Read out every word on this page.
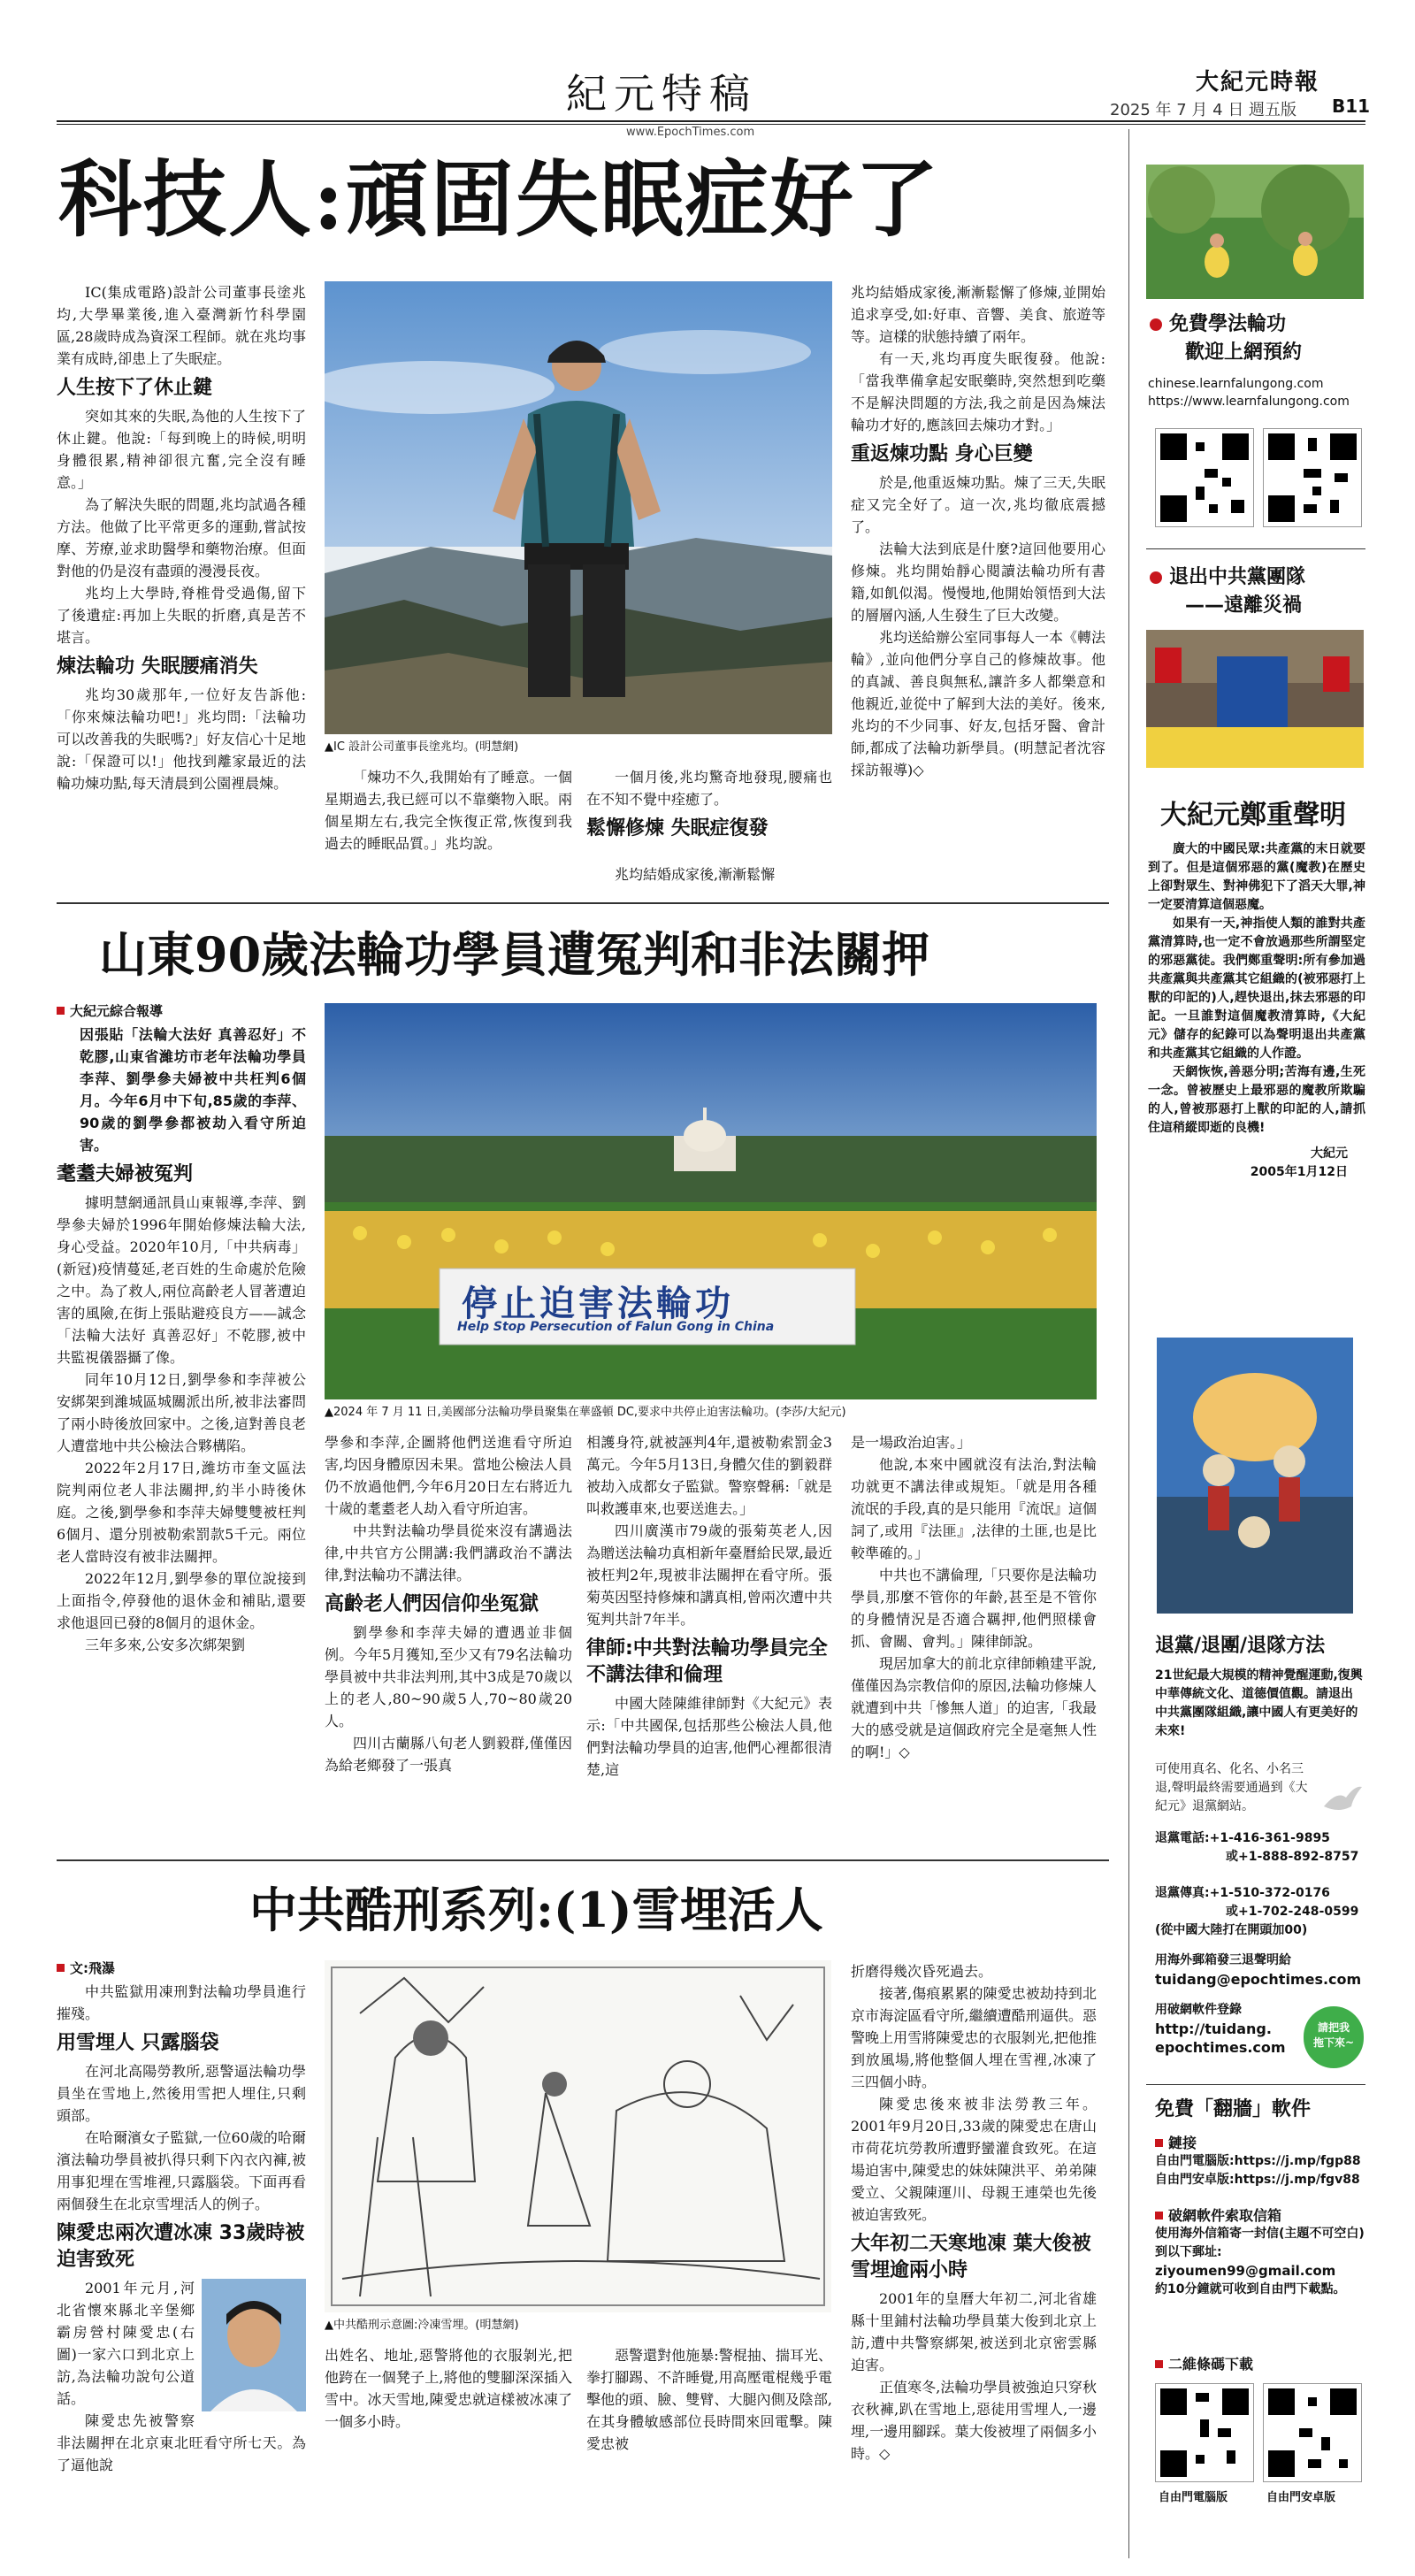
紀元特稿
www.EpochTimes.com
大紀元時報
2025 年 7 月 4 日 週五版 B11
科技人:頑固失眠症好了

IC(集成電路)設計公司董事長塗兆均,大學畢業後,進入臺灣新竹科學園區,28歲時成為資深工程師。就在兆均事業有成時,卻患上了失眠症。

人生按下了休止鍵

突如其來的失眠,為他的人生按下了休止鍵。他說:「每到晚上的時候,明明身體很累,精神卻很亢奮,完全沒有睡意。」

為了解決失眠的問題,兆均試過各種方法。他做了比平常更多的運動,嘗試按摩、芳療,並求助醫學和藥物治療。但面對他的仍是沒有盡頭的漫漫長夜。

兆均上大學時,脊椎骨受過傷,留下了後遺症:再加上失眠的折磨,真是苦不堪言。

煉法輪功 失眠腰痛消失

兆均30歲那年,一位好友告訴他:「你來煉法輪功吧!」兆均問:「法輪功可以改善我的失眠嗎?」好友信心十足地說:「保證可以!」他找到離家最近的法輪功煉功點,每天清晨到公園裡晨煉。

▲IC 設計公司董事長塗兆均。(明慧網)

「煉功不久,我開始有了睡意。一個星期過去,我已經可以不靠藥物入眠。兩個星期左右,我完全恢復正常,恢復到我過去的睡眠品質。」兆均說。

一個月後,兆均驚奇地發現,腰痛也在不知不覺中痊癒了。

鬆懈修煉 失眠症復發

兆均結婚成家後,漸漸鬆懈

兆均結婚成家後,漸漸鬆懈了修煉,並開始追求享受,如:好車、音響、美食、旅遊等等。這樣的狀態持續了兩年。

有一天,兆均再度失眠復發。他說:「當我準備拿起安眠藥時,突然想到吃藥不是解決問題的方法,我之前是因為煉法輪功才好的,應該回去煉功才對。」

重返煉功點 身心巨變

於是,他重返煉功點。煉了三天,失眠症又完全好了。這一次,兆均徹底震撼了。

法輪大法到底是什麼?這回他要用心修煉。兆均開始靜心閱讀法輪功所有書籍,如飢似渴。慢慢地,他開始領悟到大法的層層內涵,人生發生了巨大改變。

兆均送給辦公室同事每人一本《轉法輪》,並向他們分享自己的修煉故事。他的真誠、善良與無私,讓許多人都樂意和他親近,並從中了解到大法的美好。後來,兆均的不少同事、好友,包括牙醫、會計師,都成了法輪功新學員。(明慧記者沈容採訪報導)◇

山東90歲法輪功學員遭冤判和非法關押
大紀元綜合報導

因張貼「法輪大法好 真善忍好」不乾膠,山東省濰坊市老年法輪功學員李萍、劉學參夫婦被中共枉判6個月。今年6月中下旬,85歲的李萍、90歲的劉學參都被劫入看守所迫害。

耄耋夫婦被冤判

據明慧網通訊員山東報導,李萍、劉學參夫婦於1996年開始修煉法輪大法,身心受益。2020年10月,「中共病毒」(新冠)疫情蔓延,老百姓的生命處於危險之中。為了救人,兩位高齡老人冒著遭迫害的風險,在街上張貼避疫良方——誠念「法輪大法好 真善忍好」不乾膠,被中共監視儀器攝了像。

同年10月12日,劉學參和李萍被公安綁架到濰城區城關派出所,被非法審問了兩小時後放回家中。之後,這對善良老人遭當地中共公檢法合夥構陷。

2022年2月17日,濰坊市奎文區法院判兩位老人非法關押,約半小時後休庭。之後,劉學參和李萍夫婦雙雙被枉判6個月、還分別被勒索罰款5千元。兩位老人當時沒有被非法關押。

2022年12月,劉學參的單位說接到上面指令,停發他的退休金和補貼,還要求他退回已發的8個月的退休金。

三年多來,公安多次綁架劉

停止迫害法輪功
Help Stop Persecution of Falun Gong in China
▲2024 年 7 月 11 日,美國部分法輪功學員聚集在華盛頓 DC,要求中共停止迫害法輪功。(李莎/大紀元)

學參和李萍,企圖將他們送進看守所迫害,均因身體原因未果。當地公檢法人員仍不放過他們,今年6月20日左右將近九十歲的耄耋老人劫入看守所迫害。

中共對法輪功學員從來沒有講過法律,中共官方公開講:我們講政治不講法律,對法輪功不講法律。

高齡老人們因信仰坐冤獄

劉學參和李萍夫婦的遭遇並非個例。今年5月獲知,至少又有79名法輪功學員被中共非法判刑,其中3成是70歲以上的老人,80~90歲5人,70~80歲20人。

四川古蘭縣八旬老人劉毅群,僅僅因為給老鄉發了一張真

相護身符,就被誣判4年,還被勒索罰金3萬元。今年5月13日,身體欠佳的劉毅群被劫入成都女子監獄。警察聲稱:「就是叫救護車來,也要送進去。」

四川廣漢市79歲的張菊英老人,因為贈送法輪功真相新年臺曆給民眾,最近被枉判2年,現被非法關押在看守所。張菊英因堅持修煉和講真相,曾兩次遭中共冤判共計7年半。

律師:中共對法輪功學員完全不講法律和倫理

中國大陸陳維律師對《大紀元》表示:「中共國保,包括那些公檢法人員,他們對法輪功學員的迫害,他們心裡都很清楚,這

是一場政治迫害。」

他說,本來中國就沒有法治,對法輪功就更不講法律或規矩。「就是用各種流氓的手段,真的是只能用『流氓』這個詞了,或用『法匪』,法律的土匪,也是比較準確的。」

中共也不講倫理,「只要你是法輪功學員,那麼不管你的年齡,甚至是不管你的身體情況是否適合羈押,他們照樣會抓、會關、會判。」陳律師說。

現居加拿大的前北京律師賴建平說,僅僅因為宗教信仰的原因,法輪功修煉人就遭到中共「慘無人道」的迫害,「我最大的感受就是這個政府完全是毫無人性的啊!」◇

中共酷刑系列:(1)雪埋活人
文:飛瀑

中共監獄用凍刑對法輪功學員進行摧殘。

用雪埋人 只露腦袋

在河北高陽勞教所,惡警逼法輪功學員坐在雪地上,然後用雪把人埋住,只剩頭部。

在哈爾濱女子監獄,一位60歲的哈爾濱法輪功學員被扒得只剩下內衣內褲,被用事犯埋在雪堆裡,只露腦袋。下面再看兩個發生在北京雪埋活人的例子。

陳愛忠兩次遭冰凍 33歲時被迫害致死

2001年元月,河北省懷來縣北辛堡鄉霸房營村陳愛忠(右圖)一家六口到北京上訪,為法輪功說句公道話。

陳愛忠先被警察非法關押在北京東北旺看守所七天。為了逼他說

▲中共酷刑示意圖:冷凍雪埋。(明慧網)

出姓名、地址,惡警將他的衣服剝光,把他跨在一個凳子上,將他的雙腳深深插入雪中。冰天雪地,陳愛忠就這樣被冰凍了一個多小時。

惡警還對他施暴:警棍抽、揣耳光、拳打腳踢、不許睡覺,用高壓電棍幾乎電擊他的頭、臉、雙臂、大腿內側及陰部,在其身體敏感部位長時間來回電擊。陳愛忠被

折磨得幾次昏死過去。

接著,傷痕累累的陳愛忠被劫持到北京市海淀區看守所,繼續遭酷刑逼供。惡警晚上用雪將陳愛忠的衣服剝光,把他推到放風場,將他整個人埋在雪裡,冰凍了三四個小時。

陳愛忠後來被非法勞教三年。2001年9月20日,33歲的陳愛忠在唐山市荷花坑勞教所遭野蠻灌食致死。在這場迫害中,陳愛忠的妹妹陳洪平、弟弟陳愛立、父親陳運川、母親王連榮也先後被迫害致死。

大年初二天寒地凍 葉大俊被雪埋逾兩小時

2001年的皇曆大年初二,河北省雄縣十里鋪村法輪功學員葉大俊到北京上訪,遭中共警察綁架,被送到北京密雲縣迫害。

正值寒冬,法輪功學員被強迫只穿秋衣秋褲,趴在雪地上,惡徒用雪埋人,一邊埋,一邊用腳踩。葉大俊被埋了兩個多小時。◇

免費學法輪功
歡迎上網預約
chinese.learnfalungong.com
https://www.learnfalungong.com
退出中共黨團隊
——遠離災禍
大紀元鄭重聲明

廣大的中國民眾:共產黨的末日就要到了。但是這個邪惡的黨(魔教)在歷史上卻對眾生、對神佛犯下了滔天大罪,神一定要清算這個惡魔。

如果有一天,神指使人類的誰對共產黨清算時,也一定不會放過那些所謂堅定的邪惡黨徒。我們鄭重聲明:所有參加過共產黨與共產黨其它組織的(被邪惡打上獸的印記的)人,趕快退出,抹去邪惡的印記。一旦誰對這個魔教清算時,《大紀元》儲存的紀錄可以為聲明退出共產黨和共產黨其它組織的人作證。

天網恢恢,善惡分明;苦海有邊,生死一念。曾被歷史上最邪惡的魔教所欺騙的人,曾被那惡打上獸的印記的人,請抓住這稍縱即逝的良機!

大紀元

2005年1月12日

退黨/退團/退隊方法
21世紀最大規模的精神覺醒運動,復興中華傳統文化、道德價值觀。請退出中共黨團隊組織,讓中國人有更美好的未來!
可使用真名、化名、小名三退,聲明最終需要通過到《大紀元》退黨網站。
退黨電話:+1-416-361-9895
或+1-888-892-8757
退黨傳真:+1-510-372-0176
或+1-702-248-0599
(從中國大陸打在開頭加00)
用海外郵箱發三退聲明給
tuidang@epochtimes.com
用破網軟件登錄
http://tuidang.
epochtimes.com
請把我
拖下來~
免費「翻牆」軟件
鏈接
自由門電腦版:https://j.mp/fgp88
自由門安卓版:https://j.mp/fgv88
破網軟件索取信箱
使用海外信箱寄一封信(主題不可空白)到以下郵址:
ziyoumen99@gmail.com
約10分鐘就可收到自由門下載點。
二維條碼下載
自由門電腦版	自由門安卓版
